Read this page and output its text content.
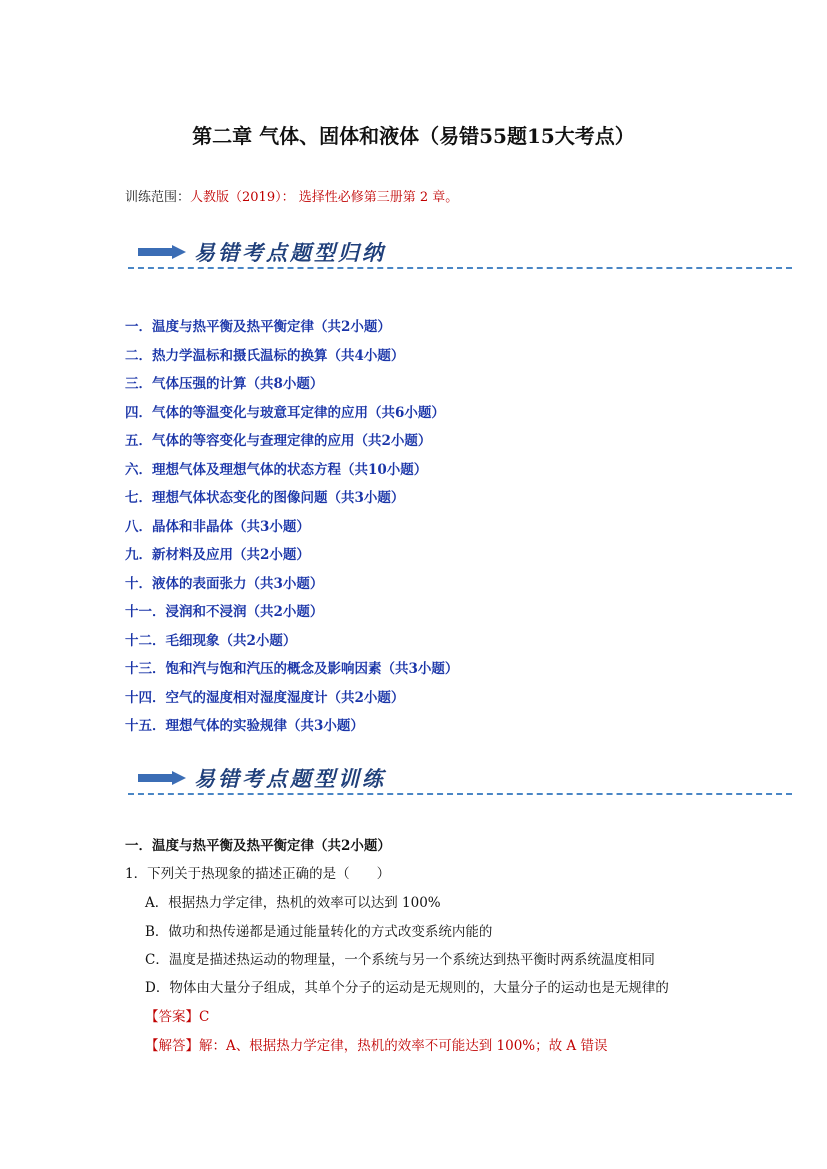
第二章 气体、固体和液体（易错55题15大考点）
训练范围：人教版（2019）： 选择性必修第三册第 2 章。
易错考点题型归纳
一．温度与热平衡及热平衡定律（共2小题）
二．热力学温标和摄氏温标的换算（共4小题）
三．气体压强的计算（共8小题）
四．气体的等温变化与玻意耳定律的应用（共6小题）
五．气体的等容变化与查理定律的应用（共2小题）
六．理想气体及理想气体的状态方程（共10小题）
七．理想气体状态变化的图像问题（共3小题）
八．晶体和非晶体（共3小题）
九．新材料及应用（共2小题）
十．液体的表面张力（共3小题）
十一．浸润和不浸润（共2小题）
十二．毛细现象（共2小题）
十三．饱和汽与饱和汽压的概念及影响因素（共3小题）
十四．空气的湿度相对湿度湿度计（共2小题）
十五．理想气体的实验规律（共3小题）
易错考点题型训练
一．温度与热平衡及热平衡定律（共2小题）
1．下列关于热现象的描述正确的是（　　）
A．根据热力学定律，热机的效率可以达到 100%
B．做功和热传递都是通过能量转化的方式改变系统内能的
C．温度是描述热运动的物理量，一个系统与另一个系统达到热平衡时两系统温度相同
D．物体由大量分子组成，其单个分子的运动是无规则的，大量分子的运动也是无规律的
【答案】C
【解答】解：A、根据热力学定律，热机的效率不可能达到 100%；故 A 错误
